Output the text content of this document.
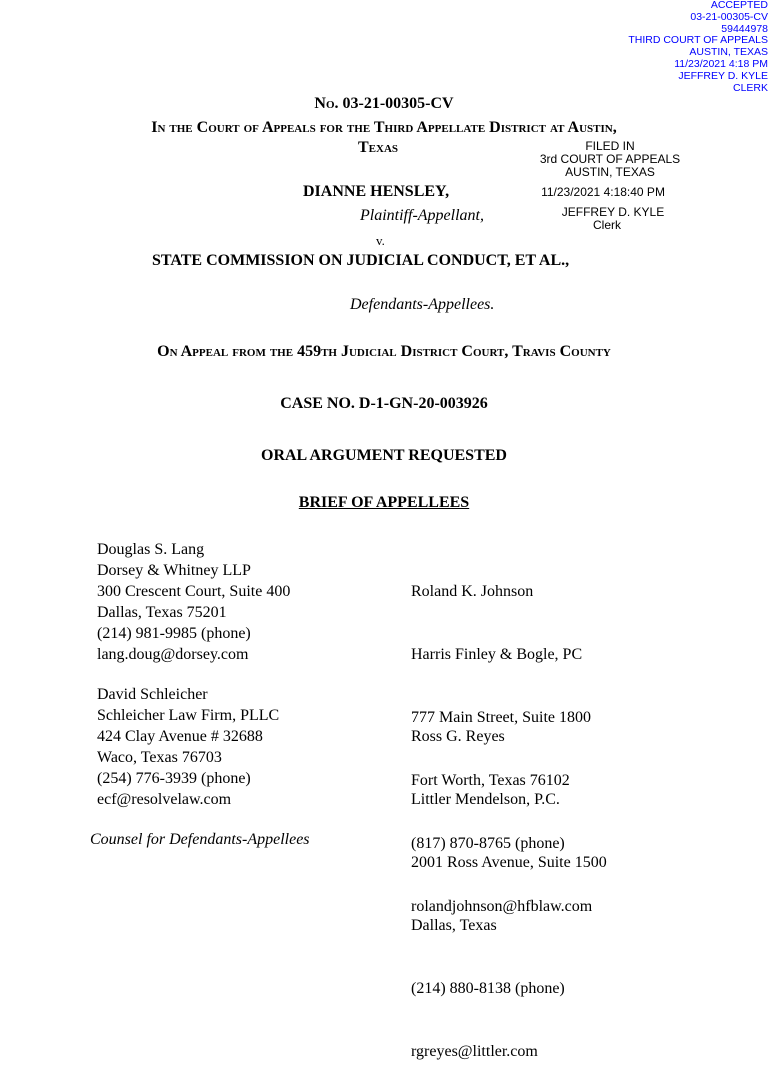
ACCEPTED
03-21-00305-CV
59444978
THIRD COURT OF APPEALS
AUSTIN, TEXAS
11/23/2021 4:18 PM
JEFFREY D. KYLE
CLERK
FILED IN
3rd COURT OF APPEALS
AUSTIN, TEXAS
11/23/2021 4:18:40 PM
JEFFREY D. KYLE
Clerk
No. 03-21-00305-CV
In the Court of Appeals for the Third Appellate District at Austin,
Texas
DIANNE HENSLEY,
Plaintiff-Appellant,
v.
STATE COMMISSION ON JUDICIAL CONDUCT, ET AL.,
Defendants-Appellees.
On Appeal from the 459th Judicial District Court, Travis County
CASE NO. D-1-GN-20-003926
ORAL ARGUMENT REQUESTED
BRIEF OF APPELLEES
Douglas S. Lang
Dorsey & Whitney LLP
300 Crescent Court, Suite 400
Dallas, Texas 75201
(214) 981-9985 (phone)
lang.doug@dorsey.com

Roland K. Johnson

Harris Finley & Bogle, PC

777 Main Street, Suite 1800

Fort Worth, Texas 76102

(817) 870-8765 (phone)

rolandjohnson@hfblaw.com

David Schleicher
Schleicher Law Firm, PLLC
424 Clay Avenue # 32688
Waco, Texas 76703
(254) 776-3939 (phone)
ecf@resolvelaw.com

Ross G. Reyes

Littler Mendelson, P.C.

2001 Ross Avenue, Suite 1500

Dallas, Texas

(214) 880-8138 (phone)

rgreyes@littler.com

Counsel for Defendants-Appellees
